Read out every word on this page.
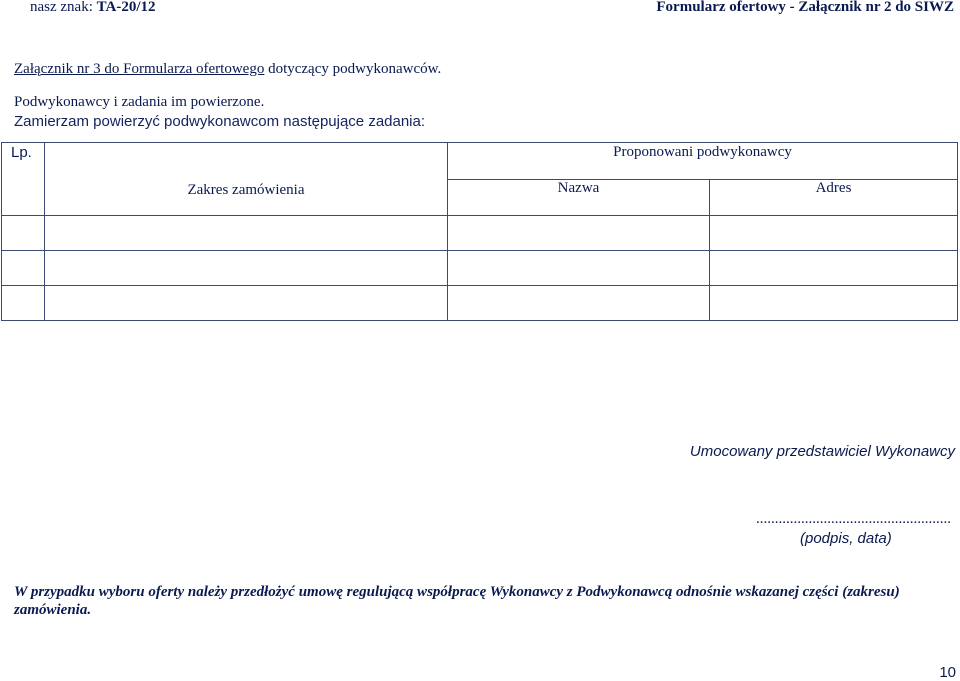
nasz znak: TA-20/12	Formularz ofertowy - Załącznik nr 2 do SIWZ
Załącznik nr 3 do Formularza ofertowego dotyczący podwykonawców.
Podwykonawcy i zadania im powierzone.
Zamierzam powierzyć podwykonawcom następujące zadania:
Lp.	Zakres zamówienia	Proponowani podwykonawcy	
		Nazwa	Adres

Umocowany przedstawiciel Wykonawcy
....................................................
(podpis, data)
W przypadku wyboru oferty należy przedłożyć umowę regulującą współpracę Wykonawcy z Podwykonawcą odnośnie wskazanej części (zakresu) zamówienia.
10
